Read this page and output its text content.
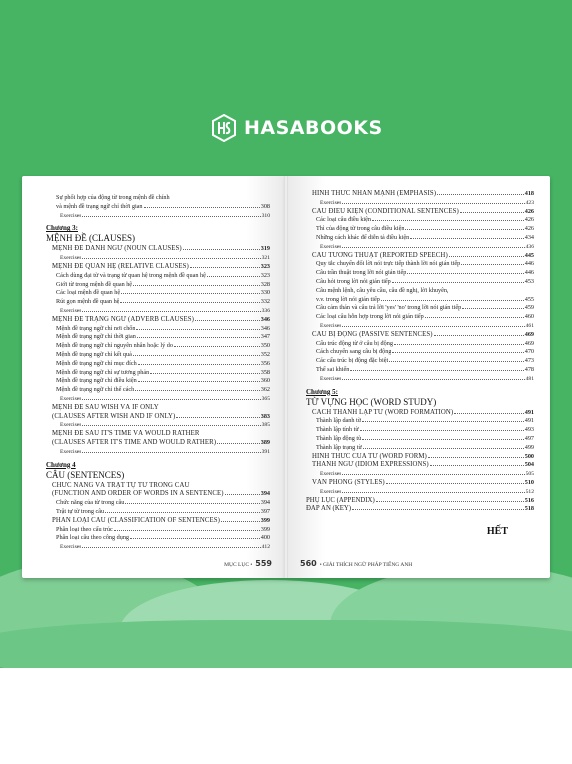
HASABOOKS
Sự phối hợp của động từ trong mệnh đề chính
và mệnh đề trạng ngữ chỉ thời gian	308
Exercises	310
Chương 3:
MỆNH ĐỀ (CLAUSES)
MỆNH ĐỀ DANH NGỮ (NOUN CLAUSES)	319
Exercises	321
MỆNH ĐỀ QUAN HỆ (RELATIVE CLAUSES)	323
Cách dùng đại từ và trạng từ quan hệ trong mệnh đề quan hệ	323
Giới từ trong mệnh đề quan hệ	328
Các loại mệnh đề quan hệ	330
Rút gọn mệnh đề quan hệ	332
Exercises	336
MỆNH ĐỀ TRẠNG NGỮ (ADVERB CLAUSES)	346
Mệnh đề trạng ngữ chỉ nơi chốn	346
Mệnh đề trạng ngữ chỉ thời gian	347
Mệnh đề trạng ngữ chỉ nguyên nhân hoặc lý do	350
Mệnh đề trạng ngữ chỉ kết quả	352
Mệnh đề trạng ngữ chỉ mục đích	356
Mệnh đề trạng ngữ chỉ sự tương phản	358
Mệnh đề trạng ngữ chỉ điều kiện	360
Mệnh đề trạng ngữ chỉ thể cách	362
Exercises	365
MỆNH ĐỀ SAU WISH VÀ IF ONLY
(CLAUSES AFTER WISH AND IF ONLY)	383
Exercises	385
MỆNH ĐỀ SAU IT'S TIME VÀ WOULD RATHER
(CLAUSES AFTER IT'S TIME AND WOULD RATHER)	389
Exercises	391
Chương 4
CÂU (SENTENCES)
CHỨC NĂNG VÀ TRẬT TỰ TỪ TRONG CÂU
(FUNCTION AND ORDER OF WORDS IN A SENTENCE)	394
Chức năng của từ trong câu	394
Trật tự từ trong câu	397
PHÂN LOẠI CÂU (CLASSIFICATION OF SENTENCES)	399
Phân loại theo cấu trúc	399
Phân loại câu theo công dụng	400
Exercises	412
MỤC LỤC • 559
HÌNH THỨC NHẤN MẠNH (EMPHASIS)	418
Exercises	423
CÂU ĐIỀU KIỆN (CONDITIONAL SENTENCES)	426
Các loại câu điều kiện	426
Thì của động từ trong câu điều kiện	426
Những cách khác để diễn tả điều kiện	434
Exercises	436
CÂU TƯỜNG THUẬT (REPORTED SPEECH)	445
Quy tắc chuyển đổi lời nói trực tiếp thành lời nói gián tiếp	446
Câu trần thuật trong lời nói gián tiếp	446
Câu hỏi trong lời nói gián tiếp	453
Câu mệnh lệnh, câu yêu cầu, câu đề nghị, lời khuyên,
v.v. trong lời nói gián tiếp	455
Câu cảm thán và câu trả lời 'yes' 'no' trong lời nói gián tiếp	459
Các loại câu hỗn hợp trong lời nói gián tiếp	460
Exercises	461
CÂU BỊ ĐỘNG (PASSIVE SENTENCES)	469
Cấu trúc động từ ở câu bị động	469
Cách chuyển sang câu bị động	470
Các cấu trúc bị động đặc biệt	473
Thể sai khiến	478
Exercises	481
Chương 5:
TỪ VỰNG HỌC (WORD STUDY)
CÁCH THÀNH LẬP TỪ (WORD FORMATION)	491
Thành lập danh từ	491
Thành lập tính từ	493
Thành lập động từ	497
Thành lập trạng từ	499
HÌNH THỨC CỦA TỪ (WORD FORM)	500
THÀNH NGỮ (IDIOM EXPRESSIONS)	504
Exercises	505
VĂN PHONG (STYLES)	510
Exercises	512
PHỤ LỤC (APPENDIX)	516
ĐÁP ÁN (KEY)	518
HẾT
560 • GIẢI THÍCH NGỮ PHÁP TIẾNG ANH
